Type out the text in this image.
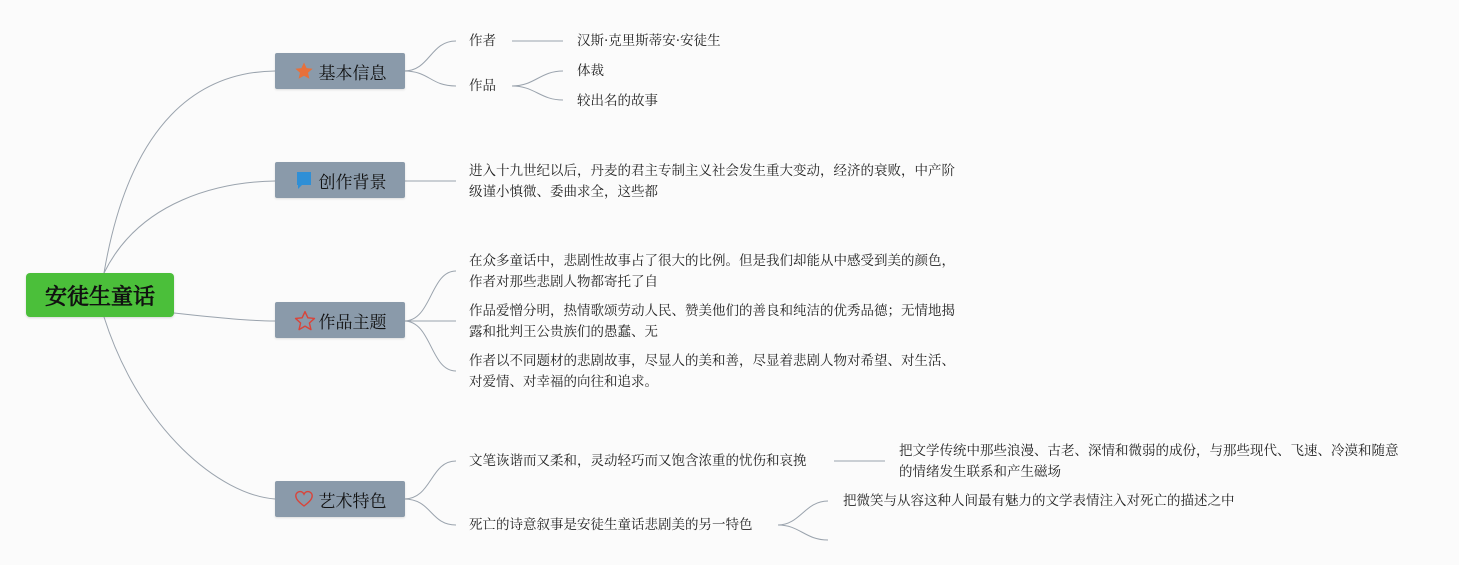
安徒生童话
基本信息
作者	汉斯·克里斯蒂安·安徒生
作品
体裁
较出名的故事
创作背景
进入十九世纪以后，丹麦的君主专制主义社会发生重大变动，经济的衰败，中产阶级谨小慎微、委曲求全，这些都
作品主题
在众多童话中，悲剧性故事占了很大的比例。但是我们却能从中感受到美的颜色，作者对那些悲剧人物都寄托了自
作品爱憎分明，热情歌颂劳动人民、赞美他们的善良和纯洁的优秀品德；无情地揭露和批判王公贵族们的愚蠢、无
作者以不同题材的悲剧故事，尽显人的美和善，尽显着悲剧人物对希望、对生活、对爱情、对幸福的向往和追求。
艺术特色
文笔诙谐而又柔和，灵动轻巧而又饱含浓重的忧伤和哀挽
把文学传统中那些浪漫、古老、深情和微弱的成份，与那些现代、飞速、冷漠和随意的情绪发生联系和产生磁场
死亡的诗意叙事是安徒生童话悲剧美的另一特色
把微笑与从容这种人间最有魅力的文学表情注入对死亡的描述之中
